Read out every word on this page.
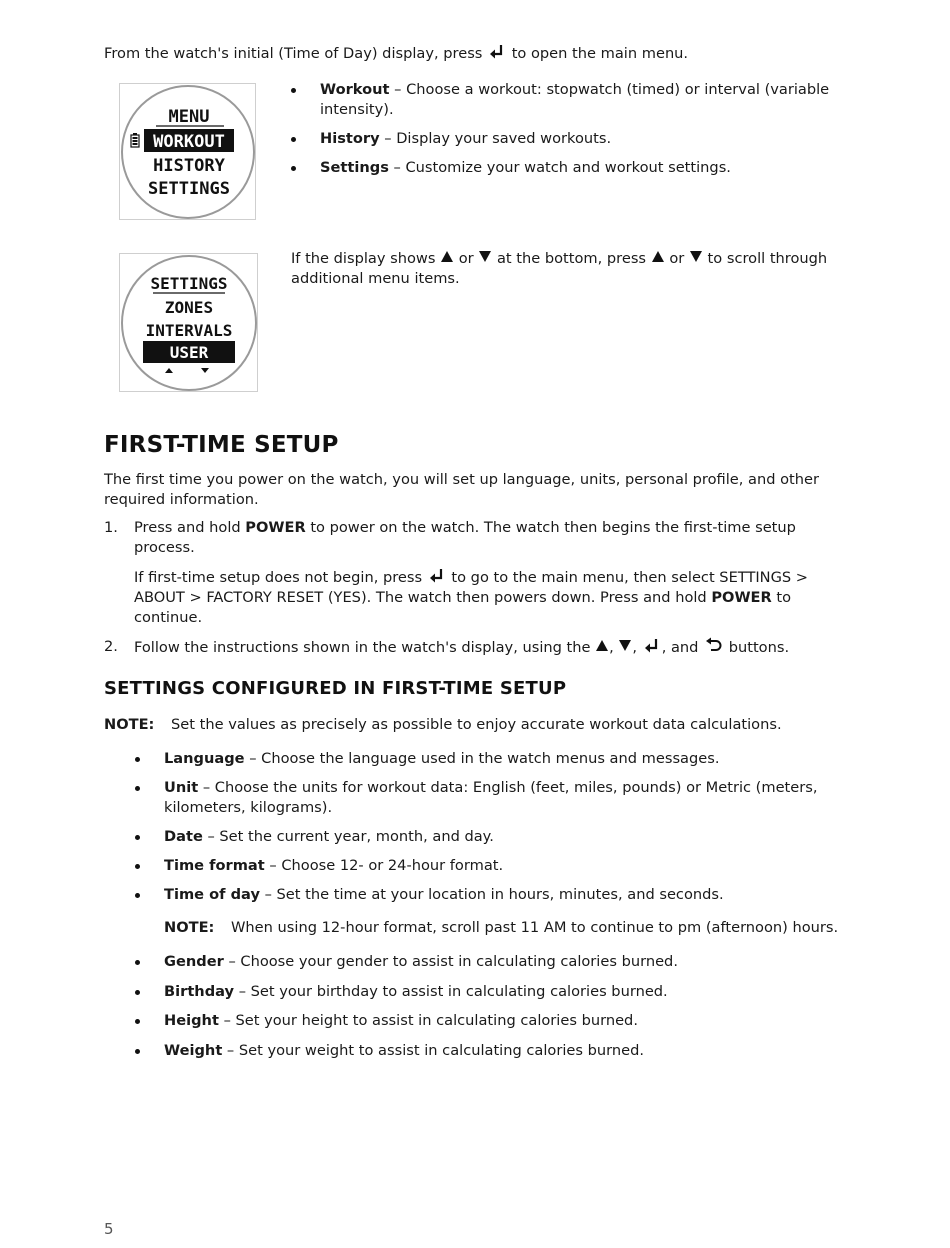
From the watch's initial (Time of Day) display, press to open the main menu.
MENU
WORKOUT
HISTORY
SETTINGS
Workout – Choose a workout: stopwatch (timed) or interval (variable intensity).
History – Display your saved workouts.
Settings – Customize your watch and workout settings.
SETTINGS
ZONES
INTERVALS
USER
If the display shows or at the bottom, press or to scroll through additional menu items.
FIRST-TIME SETUP
The first time you power on the watch, you will set up language, units, personal profile, and other required information.
1. Press and hold POWER to power on the watch. The watch then begins the first-time setup process.
If first-time setup does not begin, press to go to the main menu, then select SETTINGS > ABOUT > FACTORY RESET (YES). The watch then powers down. Press and hold POWER to continue.
2. Follow the instructions shown in the watch's display, using the , , , and buttons.
SETTINGS CONFIGURED IN FIRST-TIME SETUP
NOTE: Set the values as precisely as possible to enjoy accurate workout data calculations.
Language – Choose the language used in the watch menus and messages.
Unit – Choose the units for workout data: English (feet, miles, pounds) or Metric (meters, kilometers, kilograms).
Date – Set the current year, month, and day.
Time format – Choose 12- or 24-hour format.
Time of day – Set the time at your location in hours, minutes, and seconds.
NOTE: When using 12-hour format, scroll past 11 AM to continue to pm (afternoon) hours.
Gender – Choose your gender to assist in calculating calories burned.
Birthday – Set your birthday to assist in calculating calories burned.
Height – Set your height to assist in calculating calories burned.
Weight – Set your weight to assist in calculating calories burned.
5
